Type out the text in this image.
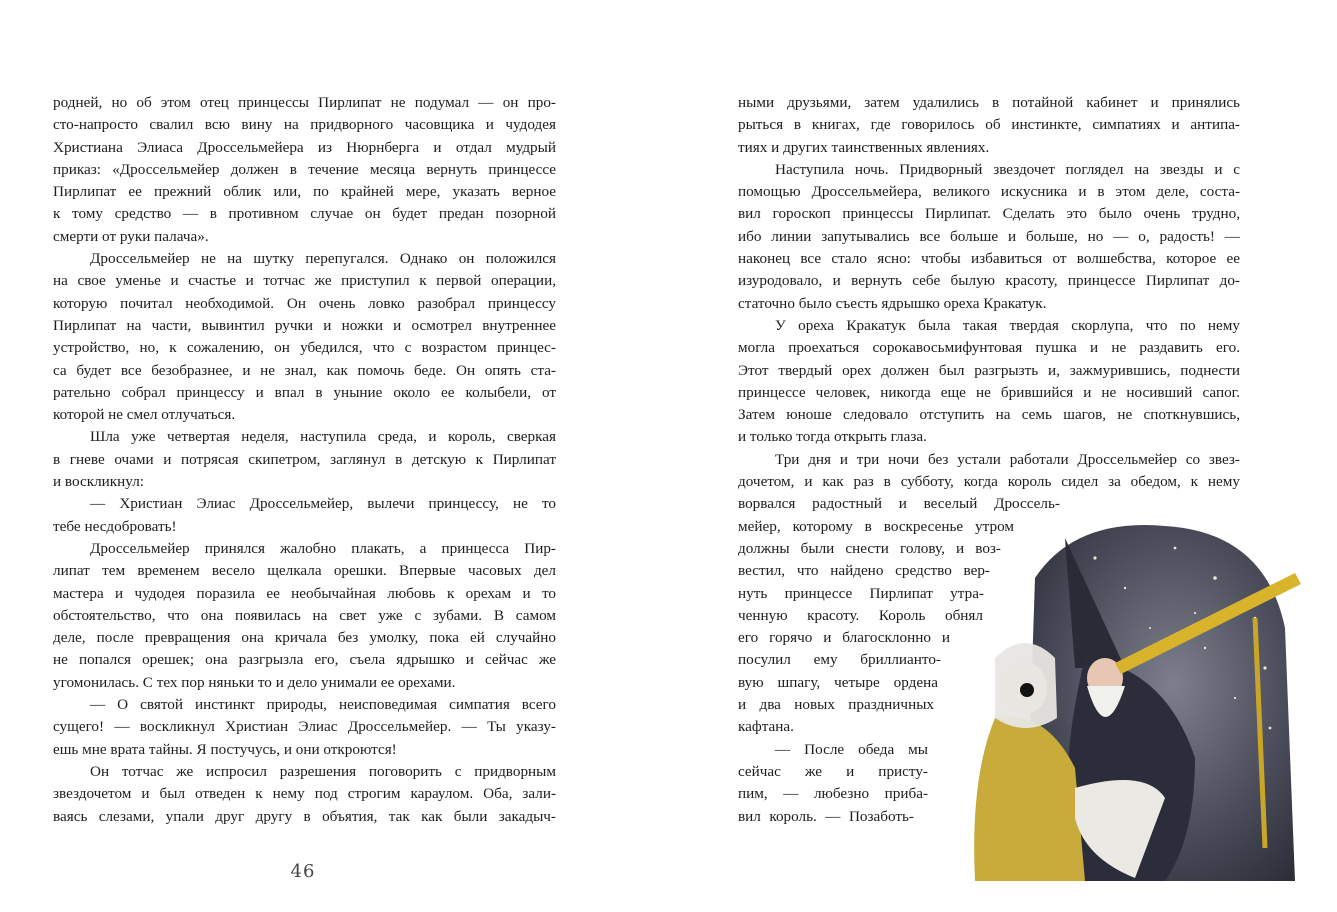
родней, но об этом отец принцессы Пирлипат не подумал — он про-
сто-напросто свалил всю вину на придворного часовщика и чудодея
Христиана Элиаса Дроссельмейера из Нюрнберга и отдал мудрый
приказ: «Дроссельмейер должен в течение месяца вернуть принцессе
Пирлипат ее прежний облик или, по крайней мере, указать верное
к тому средство — в противном случае он будет предан позорной
смерти от руки палача».
Дроссельмейер не на шутку перепугался. Однако он положился
на свое уменье и счастье и тотчас же приступил к первой операции,
которую почитал необходимой. Он очень ловко разобрал принцессу
Пирлипат на части, вывинтил ручки и ножки и осмотрел внутреннее
устройство, но, к сожалению, он убедился, что с возрастом принцес-
са будет все безобразнее, и не знал, как помочь беде. Он опять ста-
рательно собрал принцессу и впал в уныние около ее колыбели, от
которой не смел отлучаться.
Шла уже четвертая неделя, наступила среда, и король, сверкая
в гневе очами и потрясая скипетром, заглянул в детскую к Пирлипат
и воскликнул:
— Христиан Элиас Дроссельмейер, вылечи принцессу, не то
тебе несдобровать!
Дроссельмейер принялся жалобно плакать, а принцесса Пир-
липат тем временем весело щелкала орешки. Впервые часовых дел
мастера и чудодея поразила ее необычайная любовь к орехам и то
обстоятельство, что она появилась на свет уже с зубами. В самом
деле, после превращения она кричала без умолку, пока ей случайно
не попался орешек; она разгрызла его, съела ядрышко и сейчас же
угомонилась. С тех пор няньки то и дело унимали ее орехами.
— О святой инстинкт природы, неисповедимая симпатия всего
сущего! — воскликнул Христиан Элиас Дроссельмейер. — Ты указу-
ешь мне врата тайны. Я постучусь, и они откроются!
Он тотчас же испросил разрешения поговорить с придворным
звездочетом и был отведен к нему под строгим караулом. Оба, зали-
ваясь слезами, упали друг другу в объятия, так как были закадыч-
46
ными друзьями, затем удалились в потайной кабинет и принялись
рыться в книгах, где говорилось об инстинкте, симпатиях и антипа-
тиях и других таинственных явлениях.
Наступила ночь. Придворный звездочет поглядел на звезды и с
помощью Дроссельмейера, великого искусника и в этом деле, соста-
вил гороскоп принцессы Пирлипат. Сделать это было очень трудно,
ибо линии запутывались все больше и больше, но — о, радость! —
наконец все стало ясно: чтобы избавиться от волшебства, которое ее
изуродовало, и вернуть себе былую красоту, принцессе Пирлипат до-
статочно было съесть ядрышко ореха Кракатук.
У ореха Кракатук была такая твердая скорлупа, что по нему
могла проехаться сорокавосьмифунтовая пушка и не раздавить его.
Этот твердый орех должен был разгрызть и, зажмурившись, поднести
принцессе человек, никогда еще не брившийся и не носивший сапог.
Затем юноше следовало отступить на семь шагов, не споткнувшись,
и только тогда открыть глаза.
Три дня и три ночи без устали работали Дроссельмейер со звез-
дочетом, и как раз в субботу, когда король сидел за обедом, к нему
ворвался радостный и веселый Дроссель-
мейер, которому в воскресенье утром
должны были снести голову, и воз-
вестил, что найдено средство вер-
нуть принцессе Пирлипат утра-
ченную красоту. Король обнял
его горячо и благосклонно и
посулил ему бриллианто-
вую шпагу, четыре ордена
и два новых праздничных
кафтана.
— После обеда мы
сейчас же и присту-
пим, — любезно приба-
вил король. — Позаботь-
